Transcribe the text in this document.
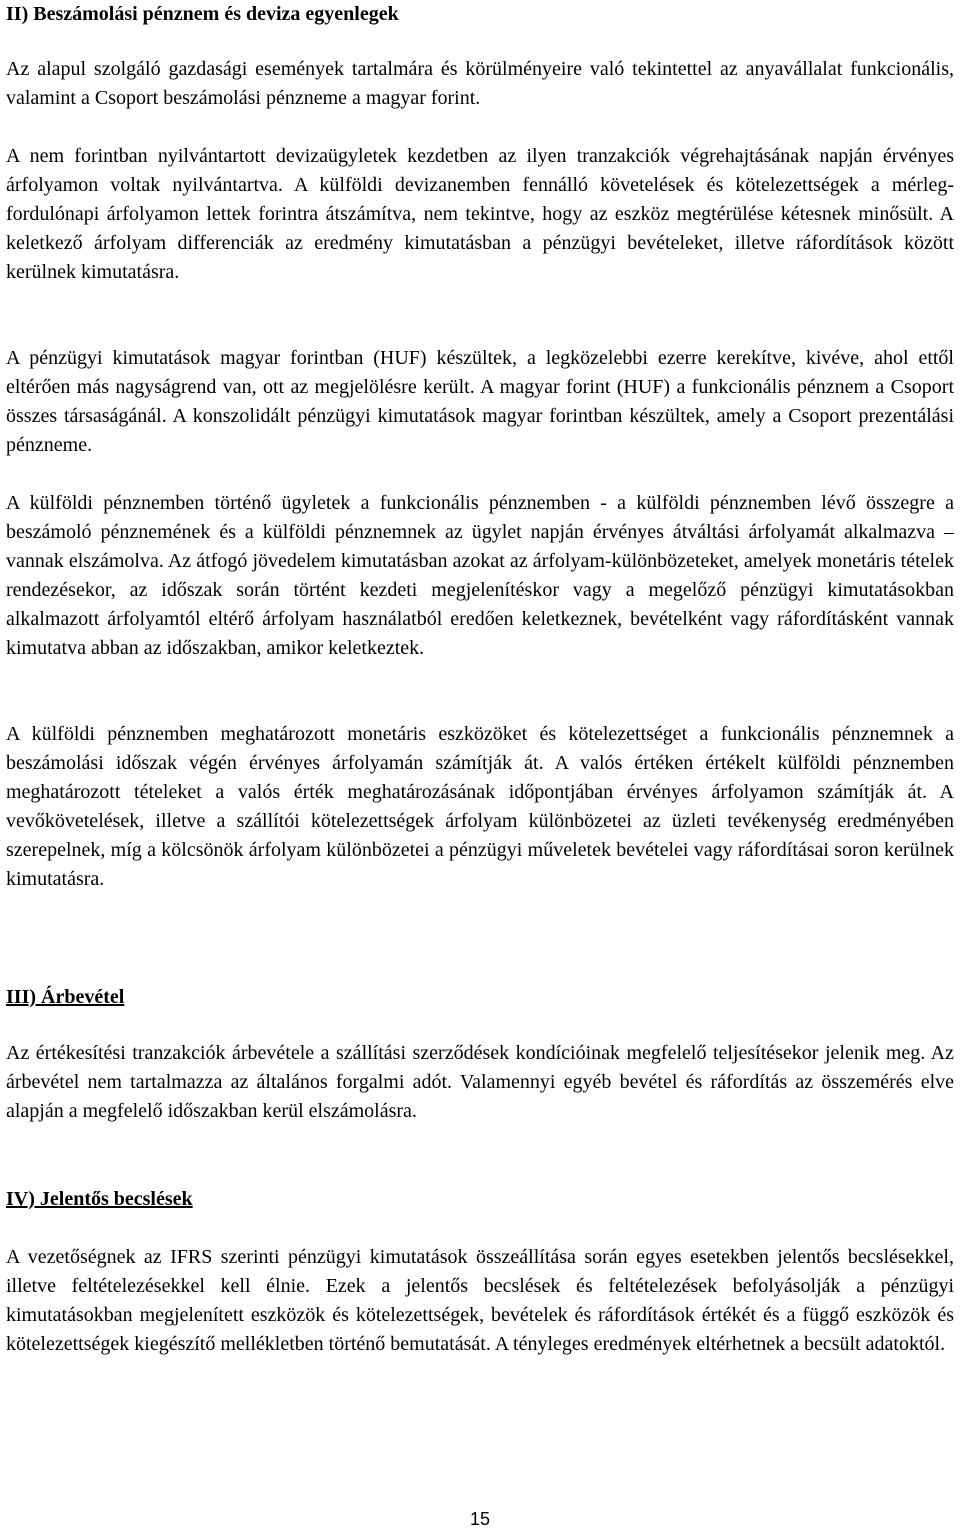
II) Beszámolási pénznem és deviza egyenlegek

Az alapul szolgáló gazdasági események tartalmára és körülményeire való tekintettel az anyavállalat funkcionális, valamint a Csoport beszámolási pénzneme a magyar forint.

A nem forintban nyilvántartott devizaügyletek kezdetben az ilyen tranzakciók végrehajtásának napján érvényes árfolyamon voltak nyilvántartva. A külföldi devizanemben fennálló követelések és kötelezettségek a mérleg-fordulónapi árfolyamon lettek forintra átszámítva, nem tekintve, hogy az eszköz megtérülése kétesnek minősült. A keletkező árfolyam differenciák az eredmény kimutatásban a pénzügyi bevételeket, illetve ráfordítások között kerülnek kimutatásra.

A pénzügyi kimutatások magyar forintban (HUF) készültek, a legközelebbi ezerre kerekítve, kivéve, ahol ettől eltérően más nagyságrend van, ott az megjelölésre került. A magyar forint (HUF) a funkcionális pénznem a Csoport összes társaságánál. A konszolidált pénzügyi kimutatások magyar forintban készültek, amely a Csoport prezentálási pénzneme.

A külföldi pénznemben történő ügyletek a funkcionális pénznemben - a külföldi pénznemben lévő összegre a beszámoló pénznemének és a külföldi pénznemnek az ügylet napján érvényes átváltási árfolyamát alkalmazva – vannak elszámolva. Az átfogó jövedelem kimutatásban azokat az árfolyam-különbözeteket, amelyek monetáris tételek rendezésekor, az időszak során történt kezdeti megjelenítéskor vagy a megelőző pénzügyi kimutatásokban alkalmazott árfolyamtól eltérő árfolyam használatból eredően keletkeznek, bevételként vagy ráfordításként vannak kimutatva abban az időszakban, amikor keletkeztek.

A külföldi pénznemben meghatározott monetáris eszközöket és kötelezettséget a funkcionális pénznemnek a beszámolási időszak végén érvényes árfolyamán számítják át. A valós értéken értékelt külföldi pénznemben meghatározott tételeket a valós érték meghatározásának időpontjában érvényes árfolyamon számítják át. A vevőkövetelések, illetve a szállítói kötelezettségek árfolyam különbözetei az üzleti tevékenység eredményében szerepelnek, míg a kölcsönök árfolyam különbözetei a pénzügyi műveletek bevételei vagy ráfordításai soron kerülnek kimutatásra.

III) Árbevétel

Az értékesítési tranzakciók árbevétele a szállítási szerződések kondícióinak megfelelő teljesítésekor jelenik meg. Az árbevétel nem tartalmazza az általános forgalmi adót. Valamennyi egyéb bevétel és ráfordítás az összemérés elve alapján a megfelelő időszakban kerül elszámolásra.

IV) Jelentős becslések

A vezetőségnek az IFRS szerinti pénzügyi kimutatások összeállítása során egyes esetekben jelentős becslésekkel, illetve feltételezésekkel kell élnie. Ezek a jelentős becslések és feltételezések befolyásolják a pénzügyi kimutatásokban megjelenített eszközök és kötelezettségek, bevételek és ráfordítások értékét és a függő eszközök és kötelezettségek kiegészítő mellékletben történő bemutatását. A tényleges eredmények eltérhetnek a becsült adatoktól.

15
